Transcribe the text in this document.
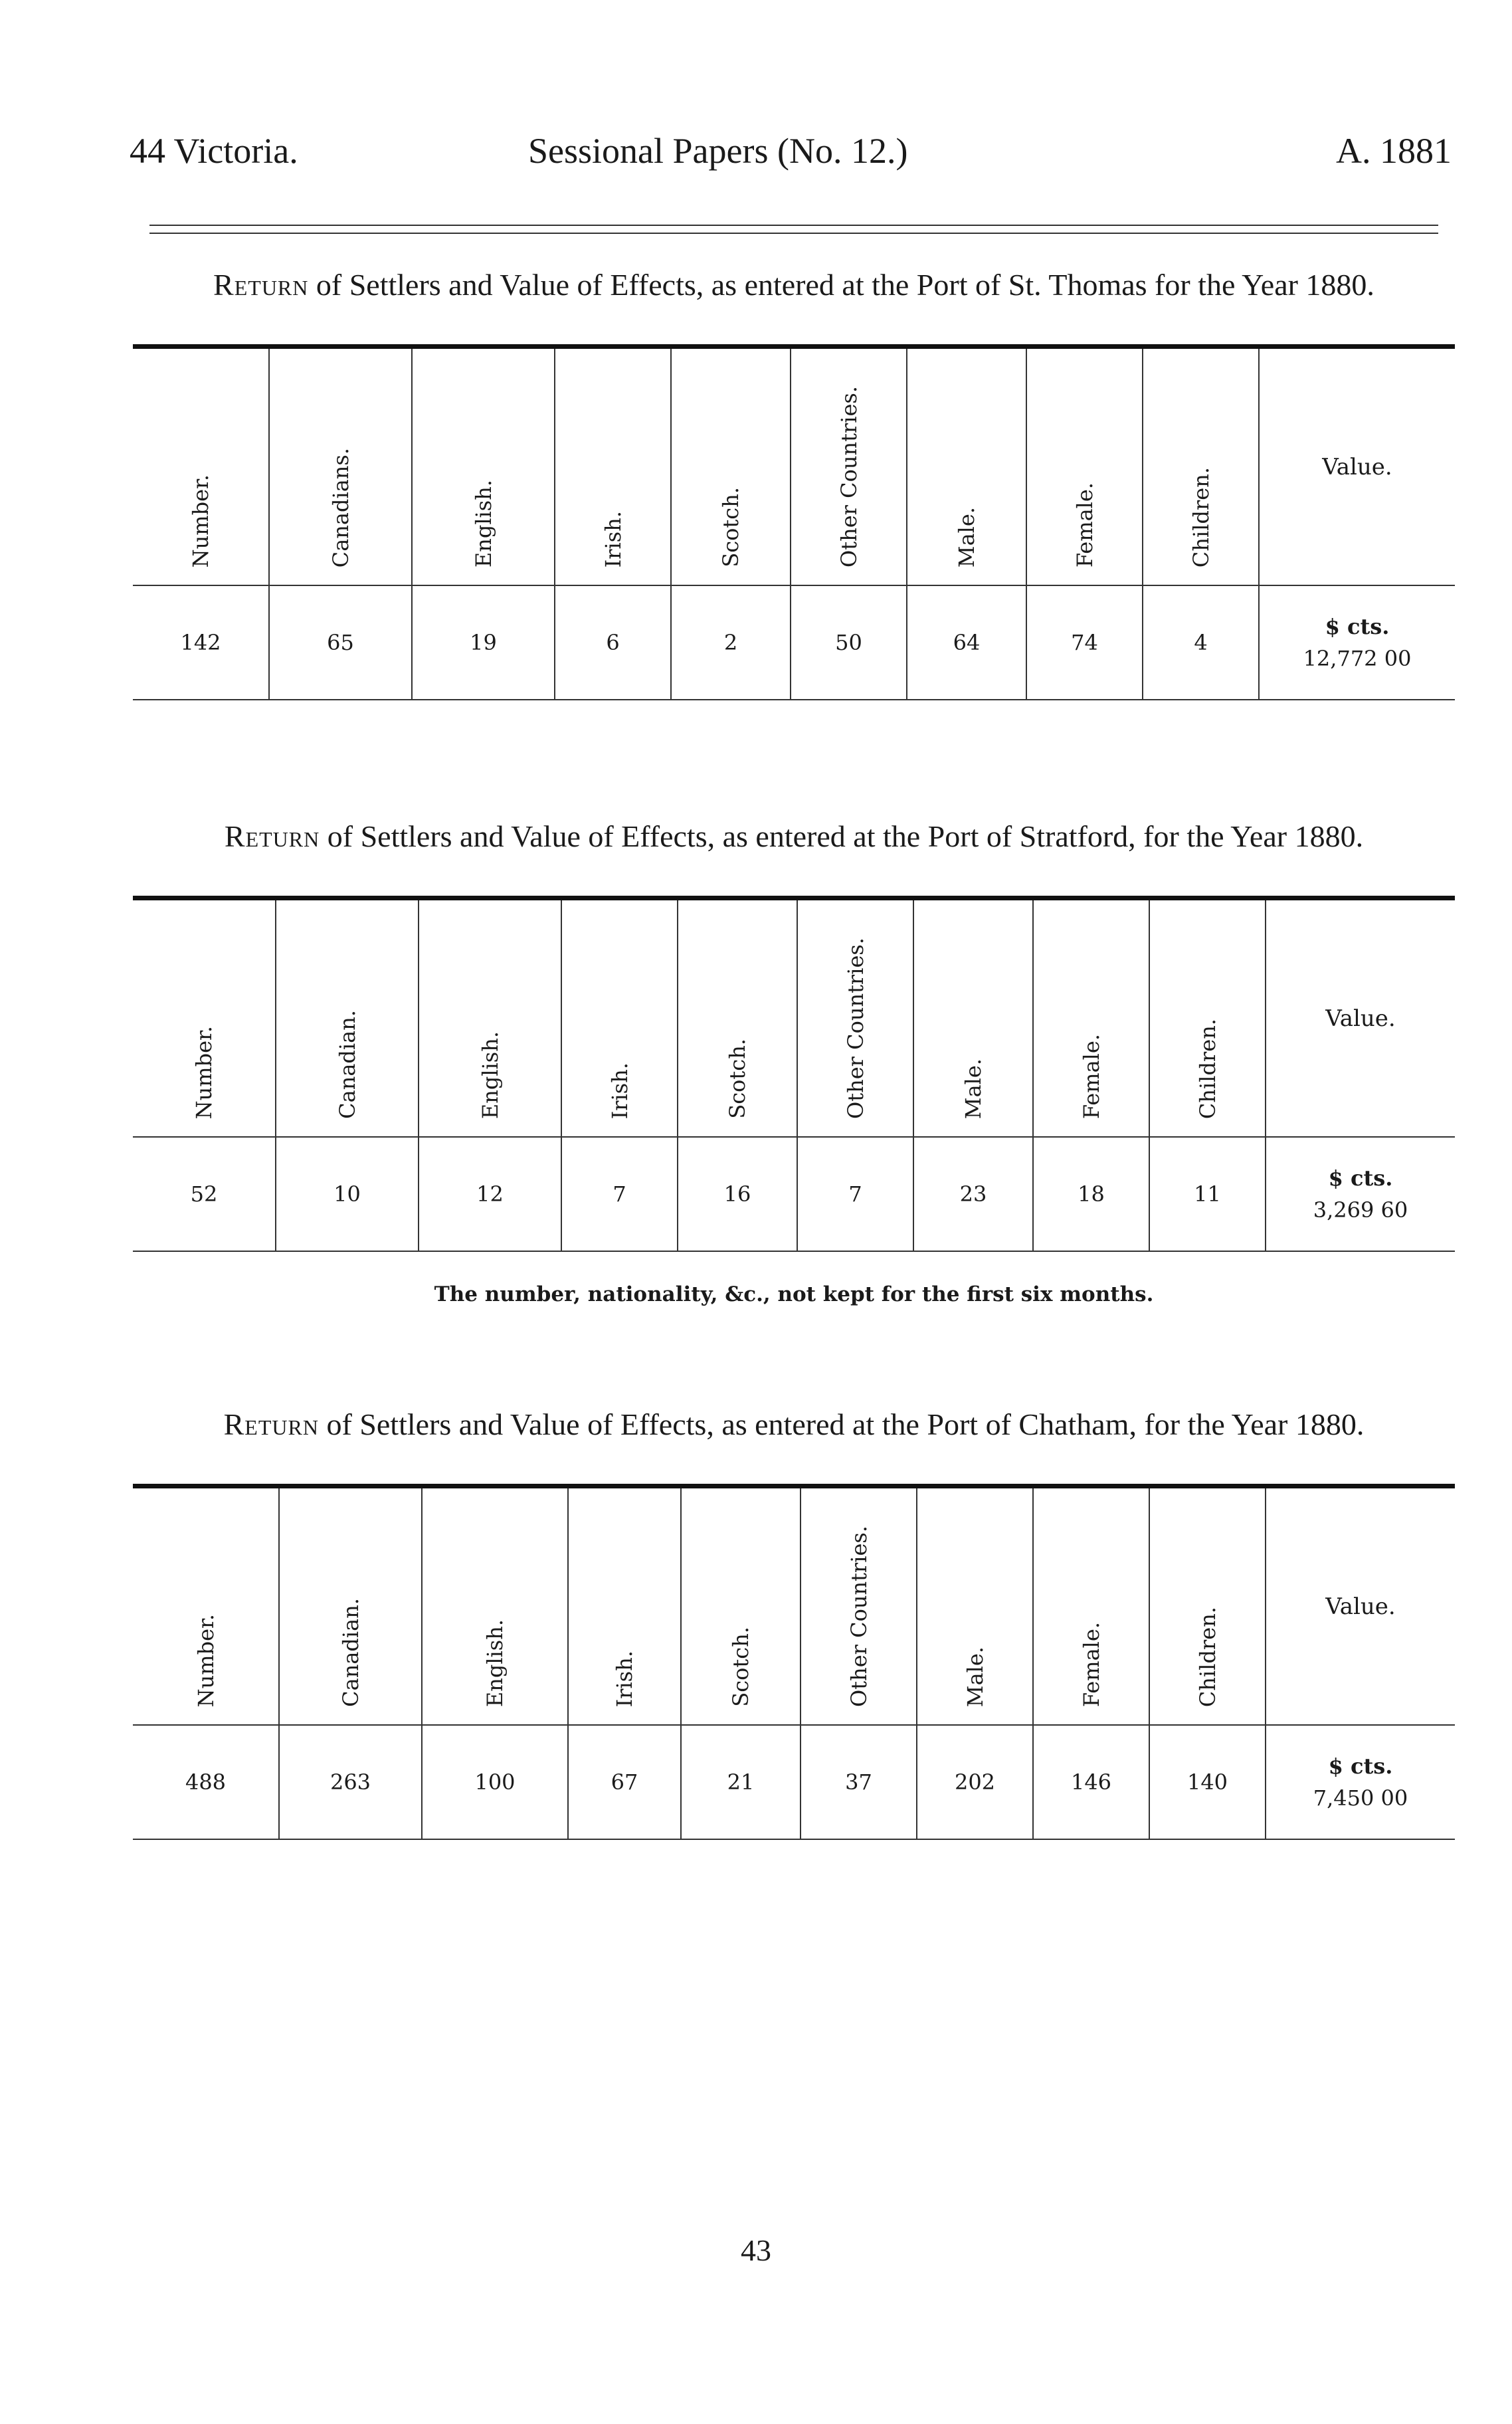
44 Victoria.	Sessional Papers (No. 12.)	A. 1881

Return of Settlers and Value of Effects, as entered at the Port of St. Thomas for the Year 1880.

Number.	Canadians.	English.	Irish.	Scotch.	Other Countries.	Male.	Female.	Children.	Value.
142	65	19	6	2	50	64	74	4	$ cts.
12,772 00

Return of Settlers and Value of Effects, as entered at the Port of Stratford, for the Year 1880.

Number.	Canadian.	English.	Irish.	Scotch.	Other Countries.	Male.	Female.	Children.	Value.
52	10	12	7	16	7	23	18	11	$ cts.
3,269 60
The number, nationality, &c., not kept for the first six months.

Return of Settlers and Value of Effects, as entered at the Port of Chatham, for the Year 1880.

Number.	Canadian.	English.	Irish.	Scotch.	Other Countries.	Male.	Female.	Children.	Value.
488	263	100	67	21	37	202	146	140	$ cts.
7,450 00
43
